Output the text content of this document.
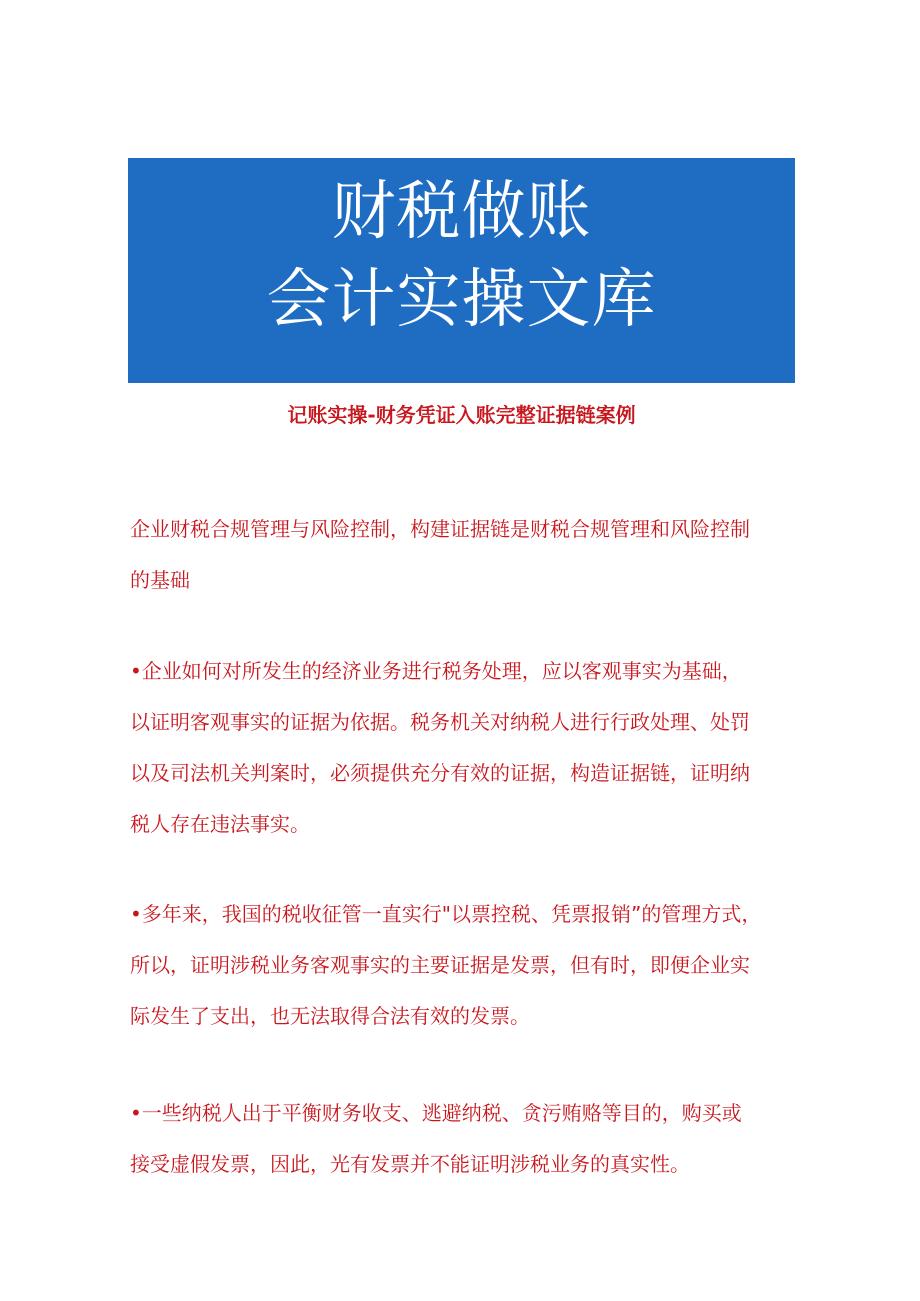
财税做账
会计实操文库
记账实操-财务凭证入账完整证据链案例
企业财税合规管理与风险控制，构建证据链是财税合规管理和风险控制
的基础
•企业如何对所发生的经济业务进行税务处理，应以客观事实为基础，
以证明客观事实的证据为依据。税务机关对纳税人进行行政处理、处罚
以及司法机关判案时，必须提供充分有效的证据，构造证据链，证明纳
税人存在违法事实。
•多年来，我国的税收征管一直实行"以票控税、凭票报销”的管理方式，
所以，证明涉税业务客观事实的主要证据是发票，但有时，即便企业实
际发生了支出，也无法取得合法有效的发票。
•一些纳税人出于平衡财务收支、逃避纳税、贪污贿赂等目的，购买或
接受虚假发票，因此，光有发票并不能证明涉税业务的真实性。
